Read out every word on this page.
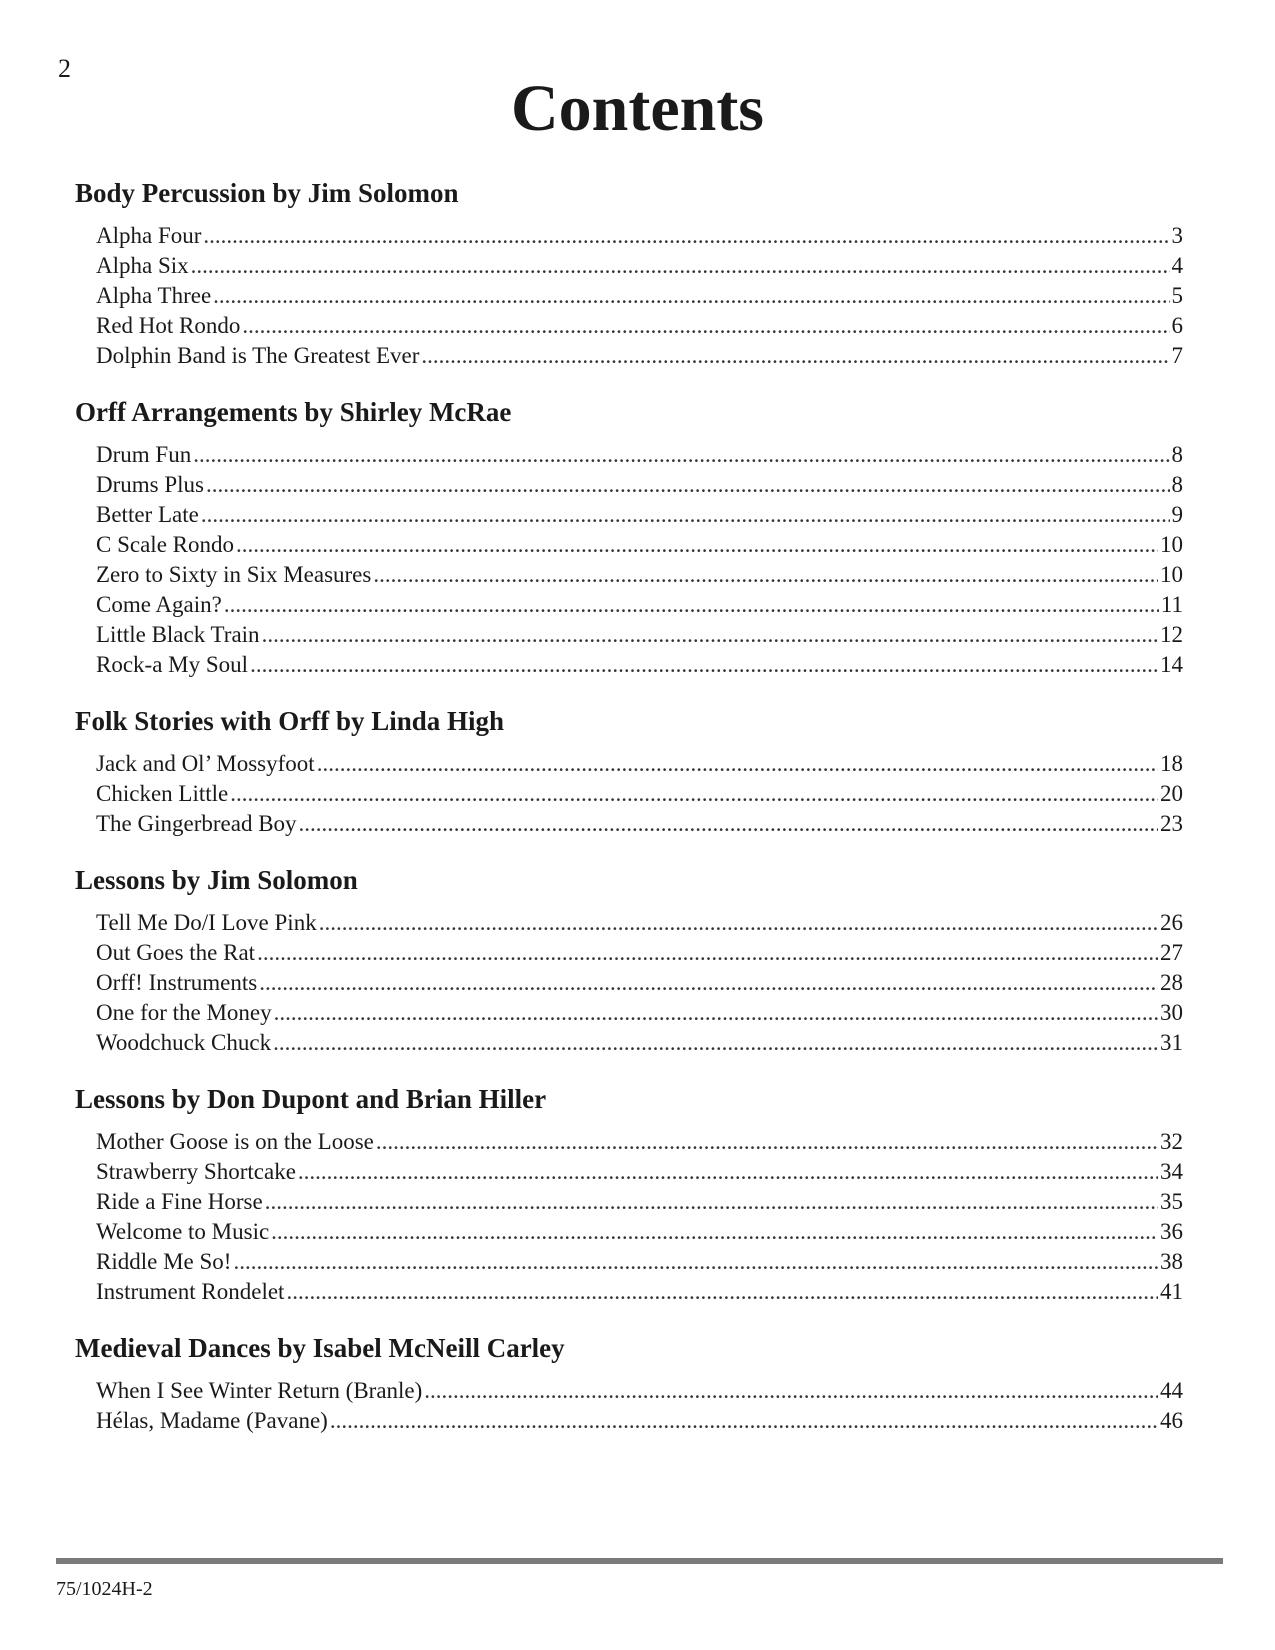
2
Contents
Body Percussion by Jim Solomon
Alpha Four .....	3
Alpha Six .....	4
Alpha Three .....	5
Red Hot Rondo .....	6
Dolphin Band is The Greatest Ever .....	7
Orff Arrangements by Shirley McRae
Drum Fun .....	8
Drums Plus .....	8
Better Late .....	9
C Scale Rondo .....	10
Zero to Sixty in Six Measures .....	10
Come Again? .....	11
Little Black Train .....	12
Rock-a My Soul .....	14
Folk Stories with Orff by Linda High
Jack and Ol’ Mossyfoot .....	18
Chicken Little .....	20
The Gingerbread Boy .....	23
Lessons by Jim Solomon
Tell Me Do/I Love Pink .....	26
Out Goes the Rat .....	27
Orff! Instruments .....	28
One for the Money .....	30
Woodchuck Chuck .....	31
Lessons by Don Dupont and Brian Hiller
Mother Goose is on the Loose .....	32
Strawberry Shortcake .....	34
Ride a Fine Horse .....	35
Welcome to Music .....	36
Riddle Me So! .....	38
Instrument Rondelet .....	41
Medieval Dances by Isabel McNeill Carley
When I See Winter Return (Branle) .....	44
Hélas, Madame (Pavane) .....	46
75/1024H-2
